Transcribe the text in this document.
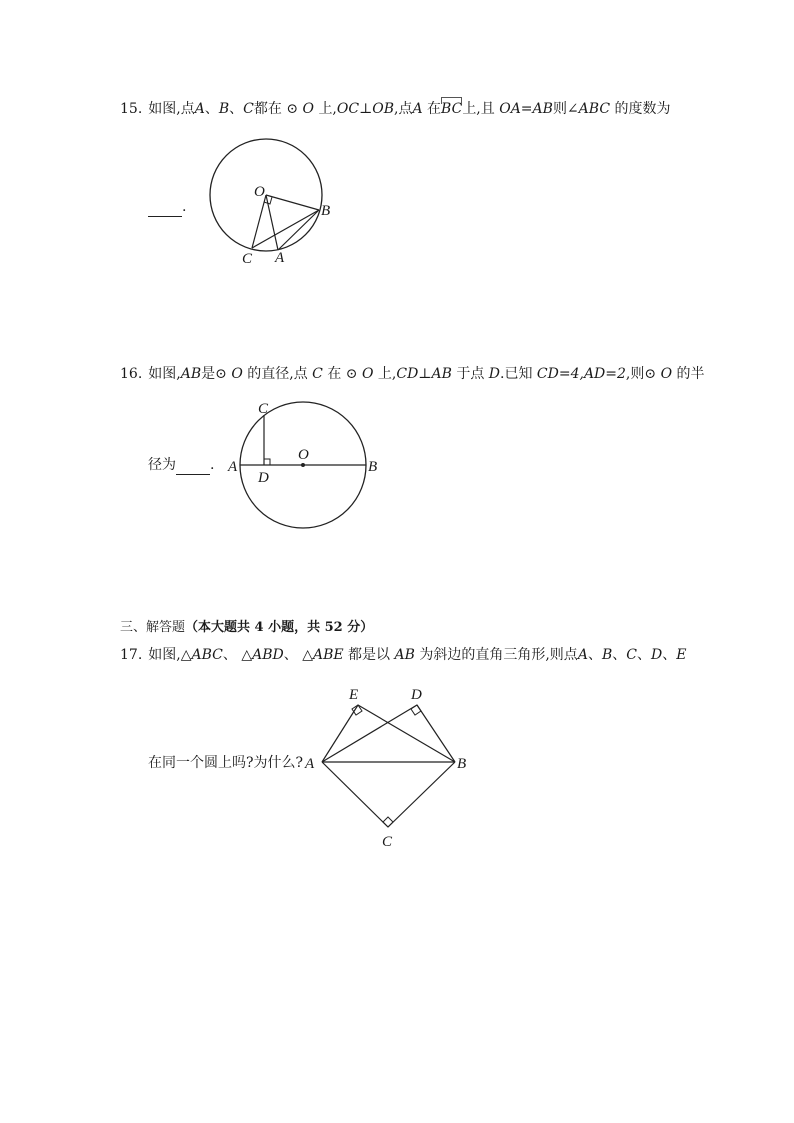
15. 如图,点A、B、C都在 ⊙ O 上,OC⊥OB,点A 在
BC上,且 OA=AB则∠ABC 的度数为
.
O
B
C A
16. 如图,AB是⊙ O 的直径,点 C 在 ⊙ O 上,CD⊥AB 于点 D.已知 CD=4,AD=2,则⊙ O 的半
径为 .
C
A
D
O
B
三、解答题（本大题共 4 小题，共 52 分）
17. 如图,△ABC、 △ABD、 △ABE 都是以 AB 为斜边的直角三角形,则点A、B、C、D、E
在同一个圆上吗?为什么?
E	D
A	B
C
